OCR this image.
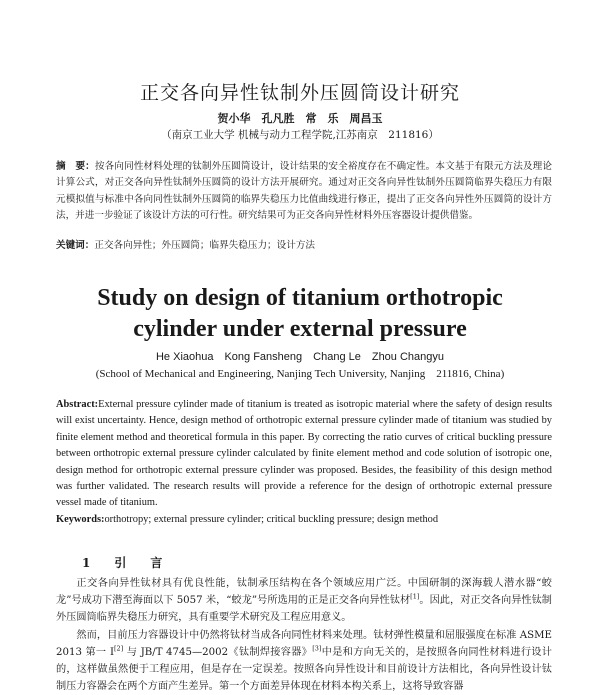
正交各向异性钛制外压圆筒设计研究
贺小华　孔凡胜　常　乐　周昌玉
（南京工业大学 机械与动力工程学院,江苏南京　211816）

摘　要：按各向同性材料处理的钛制外压圆筒设计，设计结果的安全裕度存在不确定性。本文基于有限元方法及理论计算公式，对正交各向异性钛制外压圆筒的设计方法开展研究。通过对正交各向异性钛制外压圆筒临界失稳压力有限元模拟值与标准中各向同性钛制外压圆筒的临界失稳压力比值曲线进行修正，提出了正交各向异性外压圆筒的设计方法，并进一步验证了该设计方法的可行性。研究结果可为正交各向异性材料外压容器设计提供借鉴。

关键词：正交各向异性；外压圆筒；临界失稳压力；设计方法

Study on design of titanium orthotropic
cylinder under external pressure
He Xiaohua　Kong Fansheng　Chang Le　Zhou Changyu
(School of Mechanical and Engineering, Nanjing Tech University, Nanjing　211816, China)

Abstract:External pressure cylinder made of titanium is treated as isotropic material where the safety of design results will exist uncertainty. Hence, design method of orthotropic external pressure cylinder made of titanium was studied by finite element method and theoretical formula in this paper. By correcting the ratio curves of critical buckling pressure between orthotropic external pressure cylinder calculated by finite element method and code solution of isotropic one, design method for orthotropic external pressure cylinder was proposed. Besides, the feasibility of this design method was further validated. The research results will provide a reference for the design of orthotropic external pressure vessel made of titanium.

Keywords:orthotropy; external pressure cylinder; critical buckling pressure; design method

1　引　言

正交各向异性钛材具有优良性能，钛制承压结构在各个领域应用广泛。中国研制的深海载人潜水器“蛟龙”号成功下潜至海面以下 5057 米，“蛟龙”号所选用的正是正交各向异性钛材[1]。因此，对正交各向异性钛制外压圆筒临界失稳压力研究，具有重要学术研究及工程应用意义。

然而，目前压力容器设计中仍然将钛材当成各向同性材料来处理。钛材弹性模量和屈服强度在标准 ASME 2013 第一 I[2] 与 JB/T 4745—2002《钛制焊接容器》[3]中是和方向无关的，是按照各向同性材料进行设计的，这样做虽然便于工程应用，但是存在一定误差。按照各向异性设计和目前设计方法相比，各向异性设计钛制压力容器会在两个方面产生差异。第一个方面差异体现在材料本构关系上，这将导致容器
